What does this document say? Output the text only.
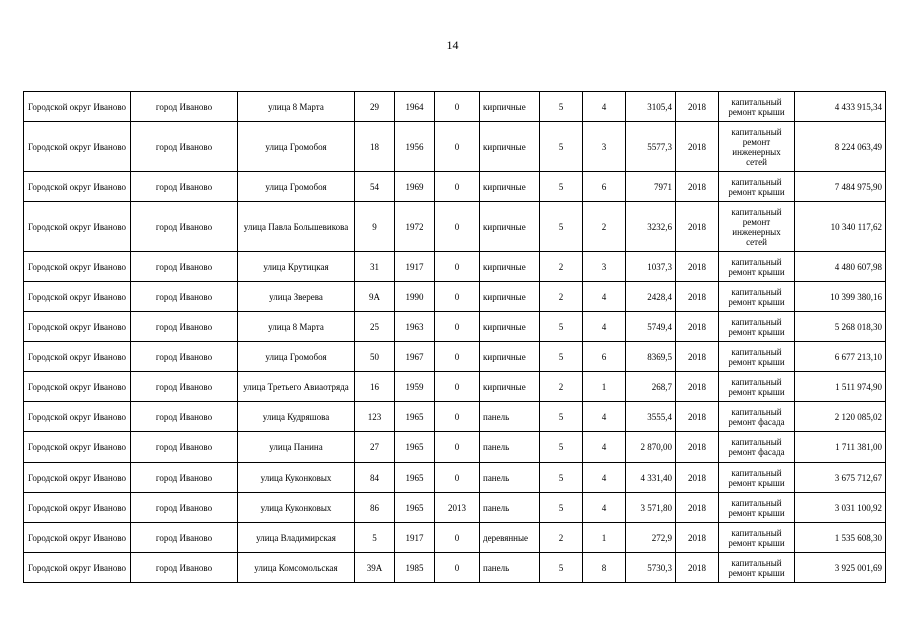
14
Городской округ Иваново	город Иваново	улица 8 Марта	29	1964	0	кирпичные	5	4	3105,4	2018	капитальный ремонт крыши	4 433 915,34
Городской округ Иваново	город Иваново	улица Громобоя	18	1956	0	кирпичные	5	3	5577,3	2018	капитальный ремонт инженерных сетей	8 224 063,49
Городской округ Иваново	город Иваново	улица Громобоя	54	1969	0	кирпичные	5	6	7971	2018	капитальный ремонт крыши	7 484 975,90
Городской округ Иваново	город Иваново	улица Павла Большевикова	9	1972	0	кирпичные	5	2	3232,6	2018	капитальный ремонт инженерных сетей	10 340 117,62
Городской округ Иваново	город Иваново	улица Крутицкая	31	1917	0	кирпичные	2	3	1037,3	2018	капитальный ремонт крыши	4 480 607,98
Городской округ Иваново	город Иваново	улица Зверева	9А	1990	0	кирпичные	2	4	2428,4	2018	капитальный ремонт крыши	10 399 380,16
Городской округ Иваново	город Иваново	улица 8 Марта	25	1963	0	кирпичные	5	4	5749,4	2018	капитальный ремонт крыши	5 268 018,30
Городской округ Иваново	город Иваново	улица Громобоя	50	1967	0	кирпичные	5	6	8369,5	2018	капитальный ремонт крыши	6 677 213,10
Городской округ Иваново	город Иваново	улица Третьего Авиаотряда	16	1959	0	кирпичные	2	1	268,7	2018	капитальный ремонт крыши	1 511 974,90
Городской округ Иваново	город Иваново	улица Кудряшова	123	1965	0	панель	5	4	3555,4	2018	капитальный ремонт фасада	2 120 085,02
Городской округ Иваново	город Иваново	улица Панина	27	1965	0	панель	5	4	2 870,00	2018	капитальный ремонт фасада	1 711 381,00
Городской округ Иваново	город Иваново	улица Куконковых	84	1965	0	панель	5	4	4 331,40	2018	капитальный ремонт крыши	3 675 712,67
Городской округ Иваново	город Иваново	улица Куконковых	86	1965	2013	панель	5	4	3 571,80	2018	капитальный ремонт крыши	3 031 100,92
Городской округ Иваново	город Иваново	улица Владимирская	5	1917	0	деревянные	2	1	272,9	2018	капитальный ремонт крыши	1 535 608,30
Городской округ Иваново	город Иваново	улица Комсомольская	39А	1985	0	панель	5	8	5730,3	2018	капитальный ремонт крыши	3 925 001,69
